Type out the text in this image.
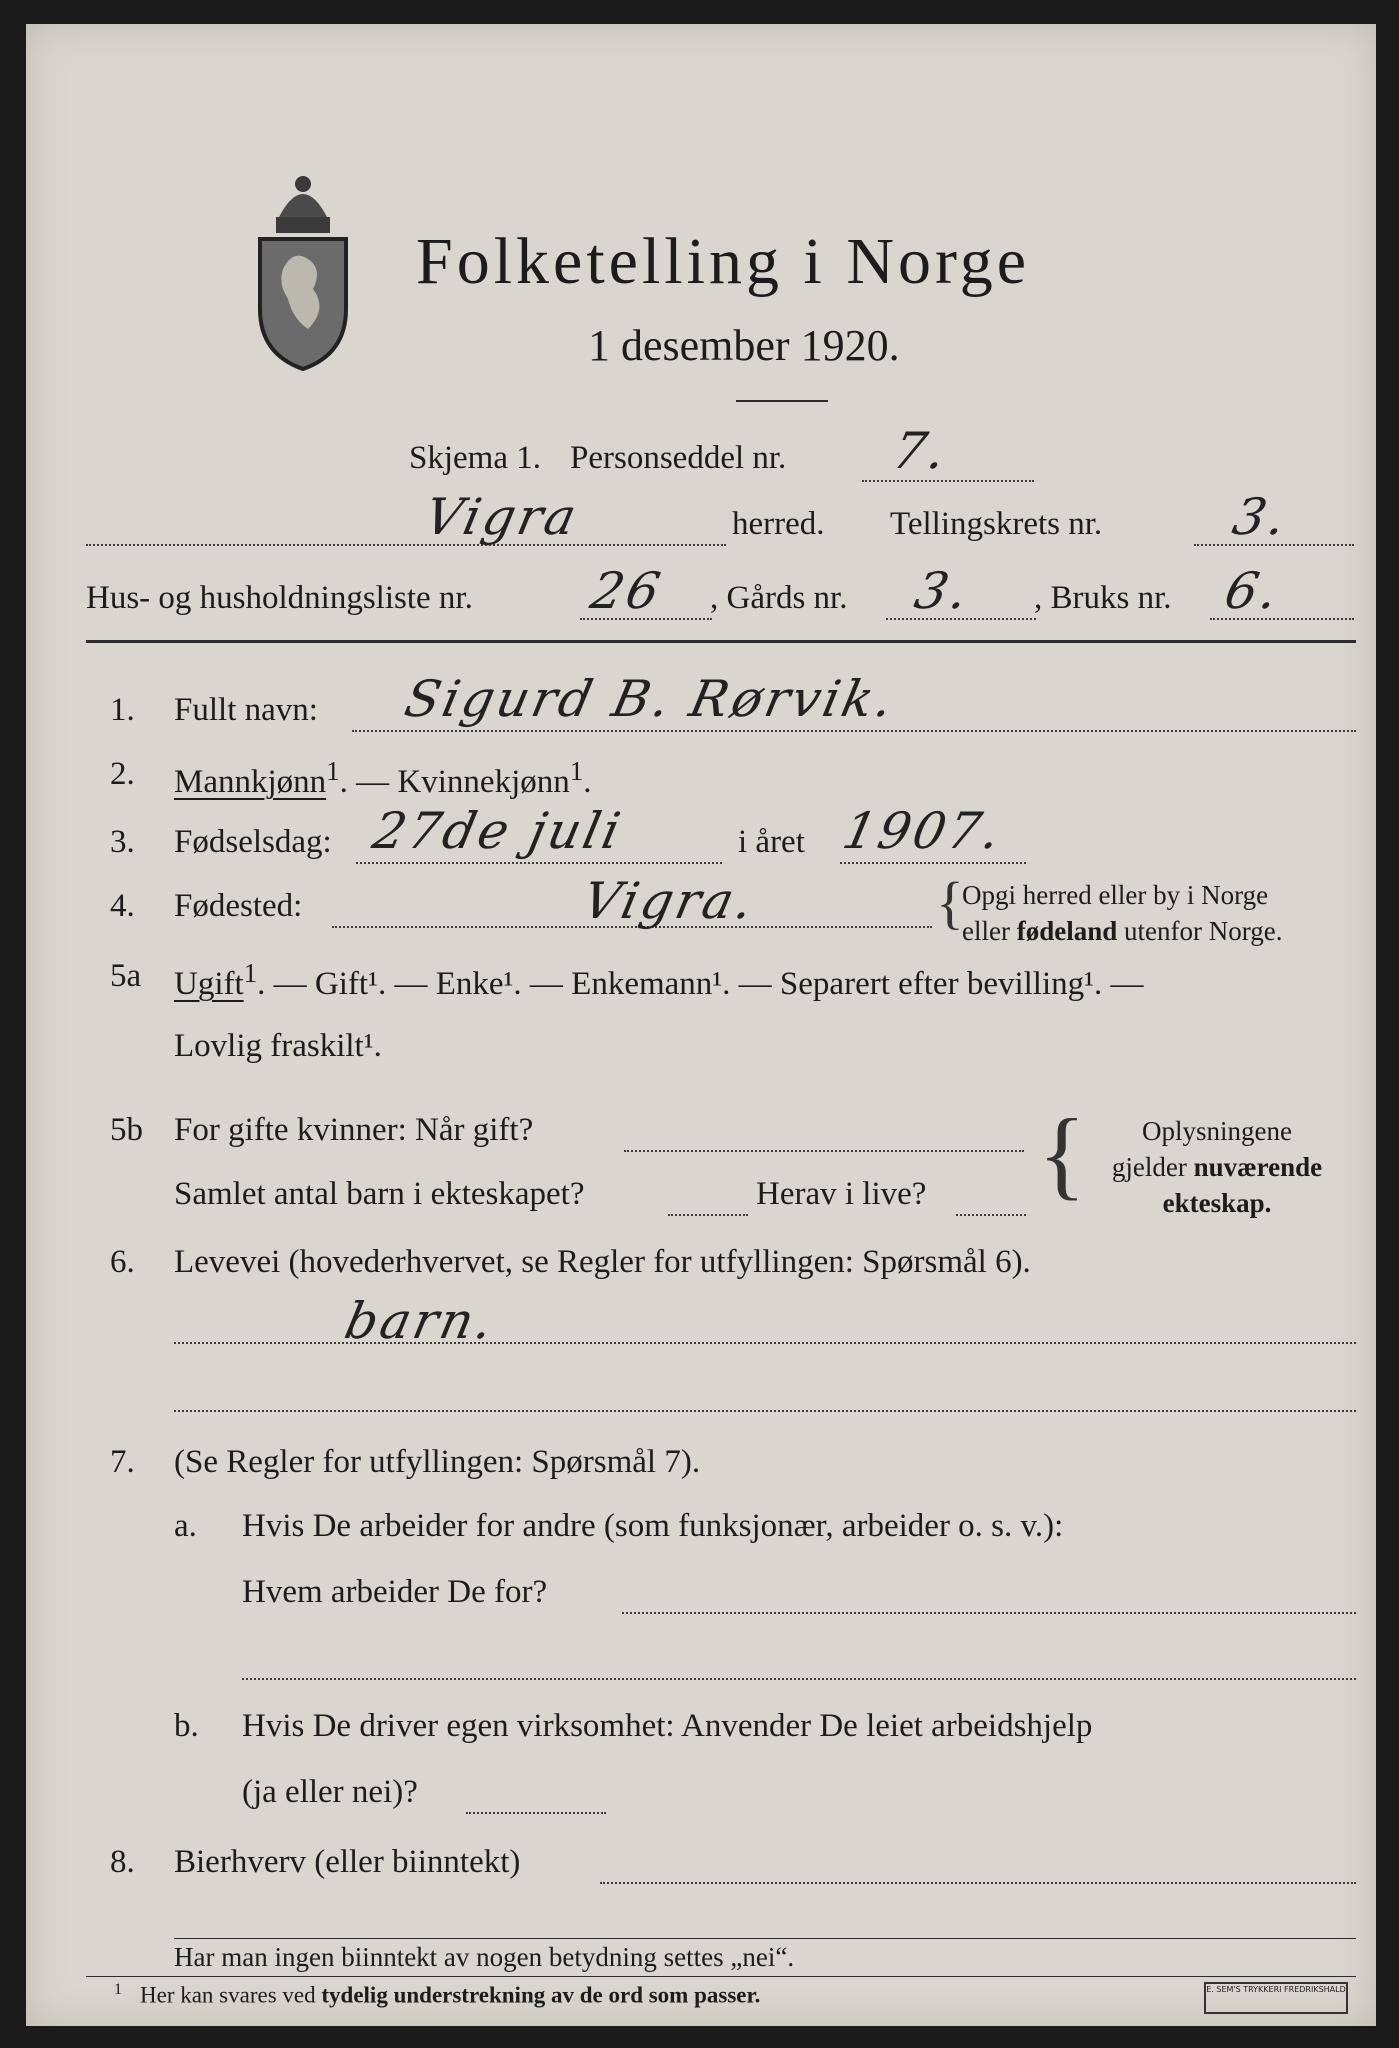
Folketelling i Norge
1 desember 1920.
Skjema 1. Personseddel nr. 7.
Vigra	herred. Tellingskrets nr.	3.
Hus- og husholdningsliste nr. 26 , Gårds nr. 3. , Bruks nr. 6.
1. Fullt navn: Sigurd B. Rørvik.
2. Mannkjønn$^1$. — Kvinnekjønn$^1$.
3. Fødselsdag: 27de juli	i året 1907.
4. Fødested:	Vigra.	{
Opgi herred eller by i Norge
eller fødeland utenfor Norge.
5a Ugift$^1$. — Gift¹. — Enke¹. — Enkemann¹. — Separert efter bevilling¹. —
Lovlig fraskilt¹.
5b For gifte kvinner: Når gift?
Samlet antal barn i ekteskapet?	Herav i live? {	Oplysningene
gjelder nuværende
ekteskap.
6. Levevei (hovederhvervet, se Regler for utfyllingen: Spørsmål 6).
barn.
7. (Se Regler for utfyllingen: Spørsmål 7).
a. Hvis De arbeider for andre (som funksjonær, arbeider o. s. v.):
Hvem arbeider De for?
b. Hvis De driver egen virksomhet: Anvender De leiet arbeidshjelp
(ja eller nei)?
8. Bierhverv (eller biinntekt)
Har man ingen biinntekt av nogen betydning settes „nei“.
$^1$ Her kan svares ved tydelig understrekning av de ord som passer.	E. SEM'S TRYKKERI FREDRIKSHALD
